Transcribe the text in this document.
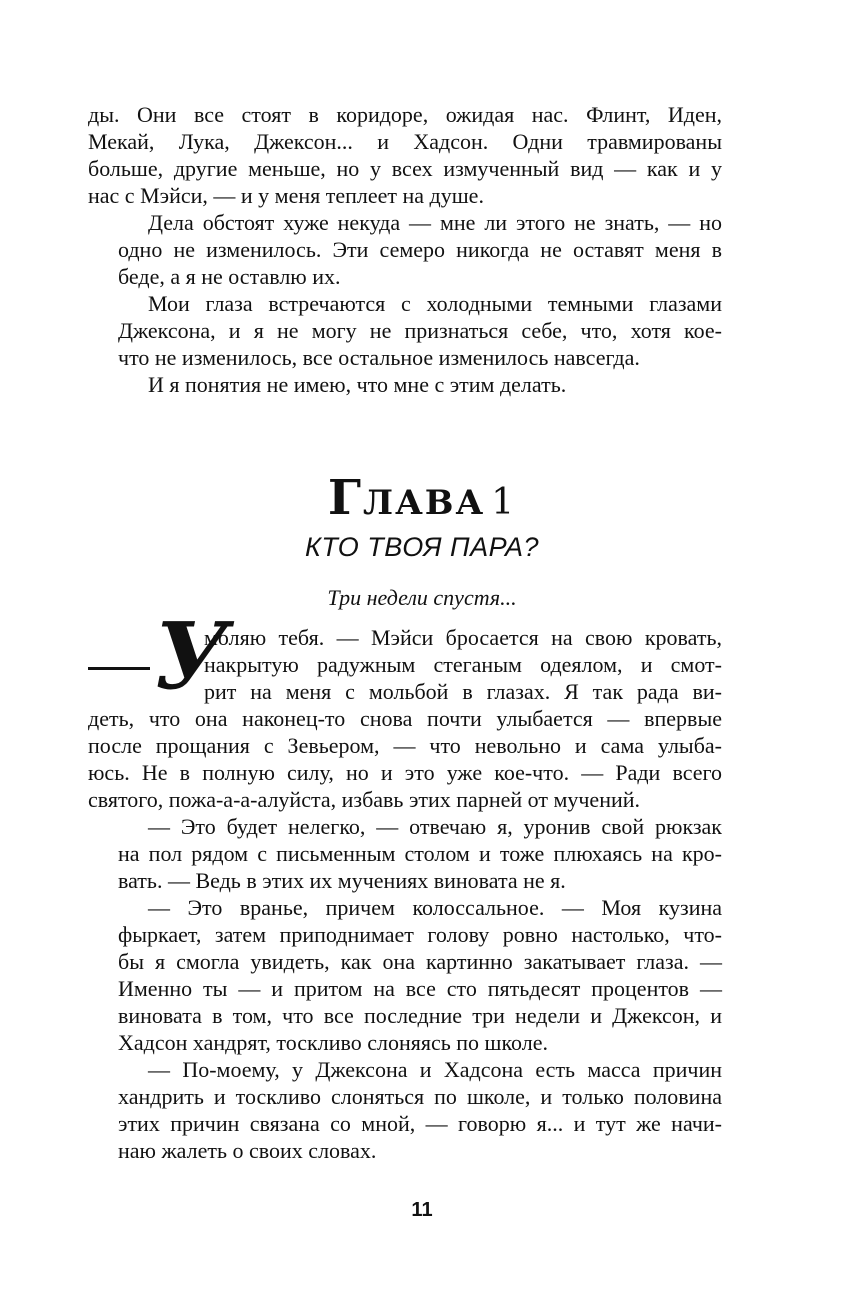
ды. Они все стоят в коридоре, ожидая нас. Флинт, Иден,
Мекай, Лука, Джексон... и Хадсон. Одни травмированы
больше, другие меньше, но у всех измученный вид — как и у
нас с Мэйси, — и у меня теплеет на душе.

Дела обстоят хуже некуда — мне ли этого не знать, — но
одно не изменилось. Эти семеро никогда не оставят меня в
беде, а я не оставлю их.

Мои глаза встречаются с холодными темными глазами
Джексона, и я не могу не признаться себе, что, хотя кое-
что не изменилось, все остальное изменилось навсегда.

И я понятия не имею, что мне с этим делать.

Глава 1
КТО ТВОЯ ПАРА?
Три недели спустя...
У
моляю тебя. — Мэйси бросается на свою кровать,
накрытую радужным стеганым одеялом, и смот-
рит на меня с мольбой в глазах. Я так рада ви-

деть, что она наконец-то снова почти улыбается — впервые
после прощания с Зевьером, — что невольно и сама улыба-
юсь. Не в полную силу, но и это уже кое-что. — Ради всего
святого, пожа-а-а-алуйста, избавь этих парней от мучений.

— Это будет нелегко, — отвечаю я, уронив свой рюкзак
на пол рядом с письменным столом и тоже плюхаясь на кро-
вать. — Ведь в этих их мучениях виновата не я.

— Это вранье, причем колоссальное. — Моя кузина
фыркает, затем приподнимает голову ровно настолько, что-
бы я смогла увидеть, как она картинно закатывает глаза. —
Именно ты — и притом на все сто пятьдесят процентов —
виновата в том, что все последние три недели и Джексон, и
Хадсон хандрят, тоскливо слоняясь по школе.

— По-моему, у Джексона и Хадсона есть масса причин
хандрить и тоскливо слоняться по школе, и только половина
этих причин связана со мной, — говорю я... и тут же начи-
наю жалеть о своих словах.

11
